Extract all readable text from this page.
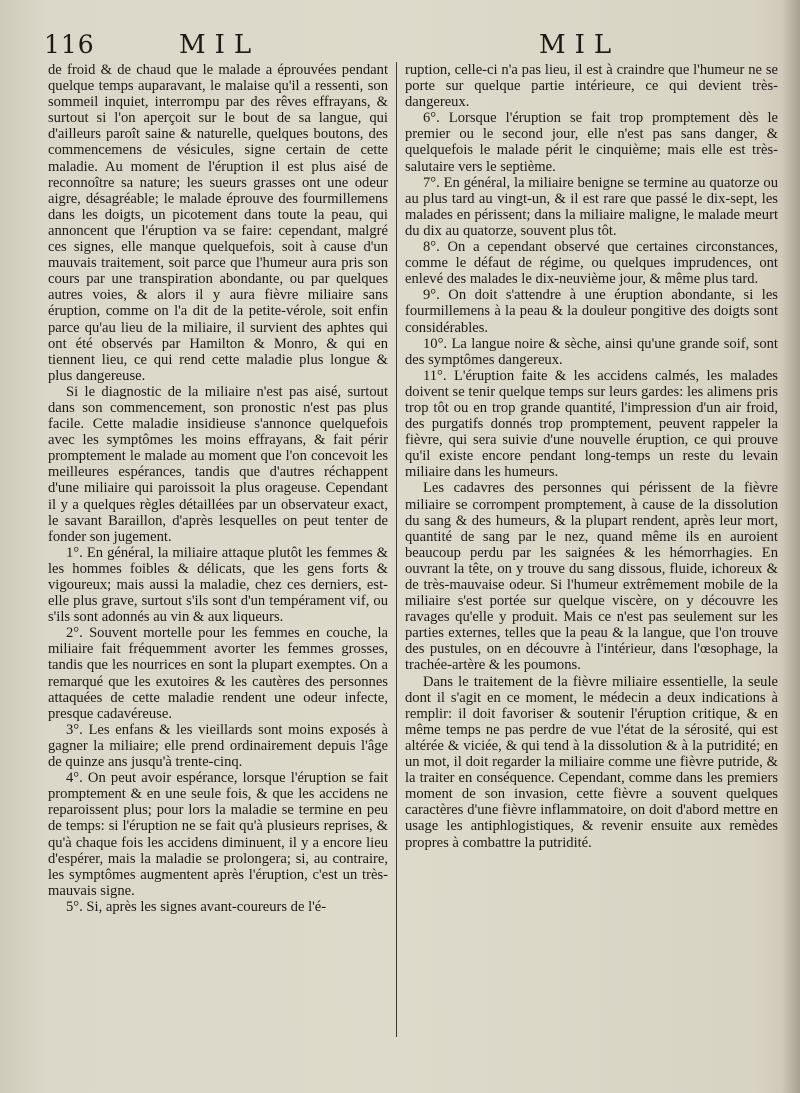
116	MIL	MIL

de froid & de chaud que le malade a éprouvées pendant quelque temps auparavant, le malaise qu'il a ressenti, son sommeil inquiet, interrompu par des rêves effrayans, & surtout si l'on aperçoit sur le bout de sa langue, qui d'ailleurs paroît saine & naturelle, quelques boutons, des commencemens de vésicules, signe certain de cette maladie. Au moment de l'éruption il est plus aisé de reconnoître sa nature; les sueurs grasses ont une odeur aigre, désagréable; le malade éprouve des fourmillemens dans les doigts, un picotement dans toute la peau, qui annoncent que l'éruption va se faire: cependant, malgré ces signes, elle manque quelquefois, soit à cause d'un mauvais traitement, soit parce que l'humeur aura pris son cours par une transpiration abondante, ou par quelques autres voies, & alors il y aura fièvre miliaire sans éruption, comme on l'a dit de la petite-vérole, soit enfin parce qu'au lieu de la miliaire, il survient des aphtes qui ont été observés par Hamilton & Monro, & qui en tiennent lieu, ce qui rend cette maladie plus longue & plus dangereuse.

Si le diagnostic de la miliaire n'est pas aisé, surtout dans son commencement, son pronostic n'est pas plus facile. Cette maladie insidieuse s'annonce quelquefois avec les symptômes les moins effrayans, & fait périr promptement le malade au moment que l'on concevoit les meilleures espérances, tandis que d'autres réchappent d'une miliaire qui paroissoit la plus orageuse. Cependant il y a quelques règles détaillées par un observateur exact, le savant Baraillon, d'après lesquelles on peut tenter de fonder son jugement.

1°. En général, la miliaire attaque plutôt les femmes & les hommes foibles & délicats, que les gens forts & vigoureux; mais aussi la maladie, chez ces derniers, est-elle plus grave, surtout s'ils sont d'un tempérament vif, ou s'ils sont adonnés au vin & aux liqueurs.

2°. Souvent mortelle pour les femmes en couche, la miliaire fait fréquemment avorter les femmes grosses, tandis que les nourrices en sont la plupart exemptes. On a remarqué que les exutoires & les cautères des personnes attaquées de cette maladie rendent une odeur infecte, presque cadavéreuse.

3°. Les enfans & les vieillards sont moins exposés à gagner la miliaire; elle prend ordinairement depuis l'âge de quinze ans jusqu'à trente-cinq.

4°. On peut avoir espérance, lorsque l'éruption se fait promptement & en une seule fois, & que les accidens ne reparoissent plus; pour lors la maladie se termine en peu de temps: si l'éruption ne se fait qu'à plusieurs reprises, & qu'à chaque fois les accidens diminuent, il y a encore lieu d'espérer, mais la maladie se prolongera; si, au contraire, les symptômes augmentent après l'éruption, c'est un très-mauvais signe.

5°. Si, après les signes avant-coureurs de l'é-

ruption, celle-ci n'a pas lieu, il est à craindre que l'humeur ne se porte sur quelque partie intérieure, ce qui devient très-dangereux.

6°. Lorsque l'éruption se fait trop promptement dès le premier ou le second jour, elle n'est pas sans danger, & quelquefois le malade périt le cinquième; mais elle est très-salutaire vers le septième.

7°. En général, la miliaire benigne se termine au quatorze ou au plus tard au vingt-un, & il est rare que passé le dix-sept, les malades en périssent; dans la miliaire maligne, le malade meurt du dix au quatorze, souvent plus tôt.

8°. On a cependant observé que certaines circonstances, comme le défaut de régime, ou quelques imprudences, ont enlevé des malades le dix-neuvième jour, & même plus tard.

9°. On doit s'attendre à une éruption abondante, si les fourmillemens à la peau & la douleur pongitive des doigts sont considérables.

10°. La langue noire & sèche, ainsi qu'une grande soif, sont des symptômes dangereux.

11°. L'éruption faite & les accidens calmés, les malades doivent se tenir quelque temps sur leurs gardes: les alimens pris trop tôt ou en trop grande quantité, l'impression d'un air froid, des purgatifs donnés trop promptement, peuvent rappeler la fièvre, qui sera suivie d'une nouvelle éruption, ce qui prouve qu'il existe encore pendant long-temps un reste du levain miliaire dans les humeurs.

Les cadavres des personnes qui périssent de la fièvre miliaire se corrompent promptement, à cause de la dissolution du sang & des humeurs, & la plupart rendent, après leur mort, quantité de sang par le nez, quand même ils en auroient beaucoup perdu par les saignées & les hémorrhagies. En ouvrant la tête, on y trouve du sang dissous, fluide, ichoreux & de très-mauvaise odeur. Si l'humeur extrêmement mobile de la miliaire s'est portée sur quelque viscère, on y découvre les ravages qu'elle y produit. Mais ce n'est pas seulement sur les parties externes, telles que la peau & la langue, que l'on trouve des pustules, on en découvre à l'intérieur, dans l'œsophage, la trachée-artère & les poumons.

Dans le traitement de la fièvre miliaire essentielle, la seule dont il s'agit en ce moment, le médecin a deux indications à remplir: il doit favoriser & soutenir l'éruption critique, & en même temps ne pas perdre de vue l'état de la sérosité, qui est altérée & viciée, & qui tend à la dissolution & à la putridité; en un mot, il doit regarder la miliaire comme une fièvre putride, & la traiter en conséquence. Cependant, comme dans les premiers moment de son invasion, cette fièvre a souvent quelques caractères d'une fièvre inflammatoire, on doit d'abord mettre en usage les antiphlogistiques, & revenir ensuite aux remèdes propres à combattre la putridité.
